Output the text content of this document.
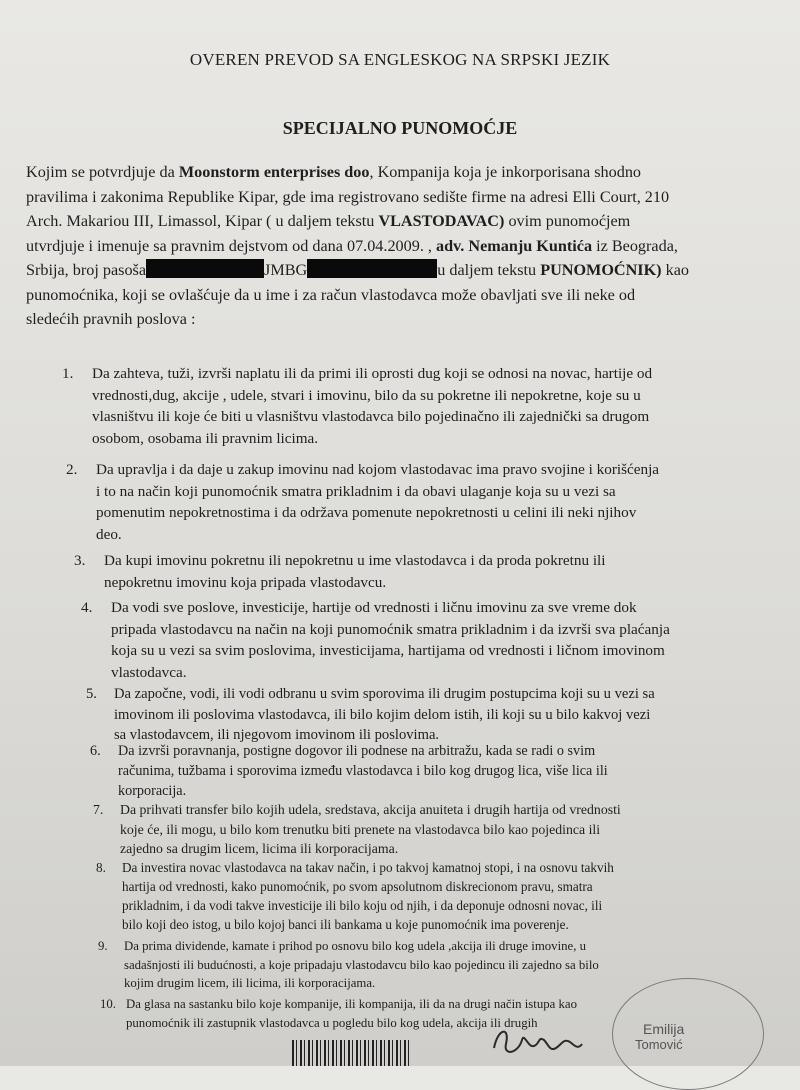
OVEREN PREVOD SA ENGLESKOG NA SRPSKI JEZIK
SPECIJALNO PUNOMOĆJE
Kojim se potvrdjuje da Moonstorm enterprises doo, Kompanija koja je inkorporisana shodno
pravilima i zakonima Republike Kipar, gde ima registrovano sedište firme na adresi Elli Court, 210
Arch. Makariou III, Limassol, Kipar ( u daljem tekstu VLASTODAVAC) ovim punomoćjem
utvrdjuje i imenuje sa pravnim dejstvom od dana 07.04.2009. , adv. Nemanju Kuntića iz Beograda,
Srbija, broj pasoša	JMBG	u daljem tekstu PUNOMOĆNIK) kao
punomoćnika, koji se ovlašćuje da u ime i za račun vlastodavca može obavljati sve ili neke od
sledećih pravnih poslova :
1. Da zahteva, tuži, izvrši naplatu ili da primi ili oprosti dug koji se odnosi na novac, hartije od
vrednosti,dug, akcije , udele, stvari i imovinu, bilo da su pokretne ili nepokretne, koje su u
vlasništvu ili koje će biti u vlasništvu vlastodavca bilo pojedinačno ili zajednički sa drugom
osobom, osobama ili pravnim licima.
2. Da upravlja i da daje u zakup imovinu nad kojom vlastodavac ima pravo svojine i korišćenja
i to na način koji punomoćnik smatra prikladnim i da obavi ulaganje koja su u vezi sa
pomenutim nepokretnostima i da održava pomenute nepokretnosti u celini ili neki njihov
deo.
3. Da kupi imovinu pokretnu ili nepokretnu u ime vlastodavca i da proda pokretnu ili
nepokretnu imovinu koja pripada vlastodavcu.
4. Da vodi sve poslove, investicije, hartije od vrednosti i ličnu imovinu za sve vreme dok
pripada vlastodavcu na način na koji punomoćnik smatra prikladnim i da izvrši sva plaćanja
koja su u vezi sa svim poslovima, investicijama, hartijama od vrednosti i ličnom imovinom
vlastodavca.
5. Da započne, vodi, ili vodi odbranu u svim sporovima ili drugim postupcima koji su u vezi sa
imovinom ili poslovima vlastodavca, ili bilo kojim delom istih, ili koji su u bilo kakvoj vezi
sa vlastodavcem, ili njegovom imovinom ili poslovima.
6. Da izvrši poravnanja, postigne dogovor ili podnese na arbitražu, kada se radi o svim
računima, tužbama i sporovima između vlastodavca i bilo kog drugog lica, više lica ili
korporacija.
7. Da prihvati transfer bilo kojih udela, sredstava, akcija anuiteta i drugih hartija od vrednosti
koje će, ili mogu, u bilo kom trenutku biti prenete na vlastodavca bilo kao pojedinca ili
zajedno sa drugim licem, licima ili korporacijama.
8. Da investira novac vlastodavca na takav način, i po takvoj kamatnoj stopi, i na osnovu takvih
hartija od vrednosti, kako punomoćnik, po svom apsolutnom diskrecionom pravu, smatra
prikladnim, i da vodi takve investicije ili bilo koju od njih, i da deponuje odnosni novac, ili
bilo koji deo istog, u bilo kojoj banci ili bankama u koje punomoćnik ima poverenje.
9. Da prima dividende, kamate i prihod po osnovu bilo kog udela ,akcija ili druge imovine, u
sadašnjosti ili budućnosti, a koje pripadaju vlastodavcu bilo kao pojedincu ili zajedno sa bilo
kojim drugim licem, ili licima, ili korporacijama.
10. Da glasa na sastanku bilo koje kompanije, ili kompanija, ili da na drugi način istupa kao
punomoćnik ili zastupnik vlastodavca u pogledu bilo kog udela, akcija ili drugih	Emilija
Tomović
